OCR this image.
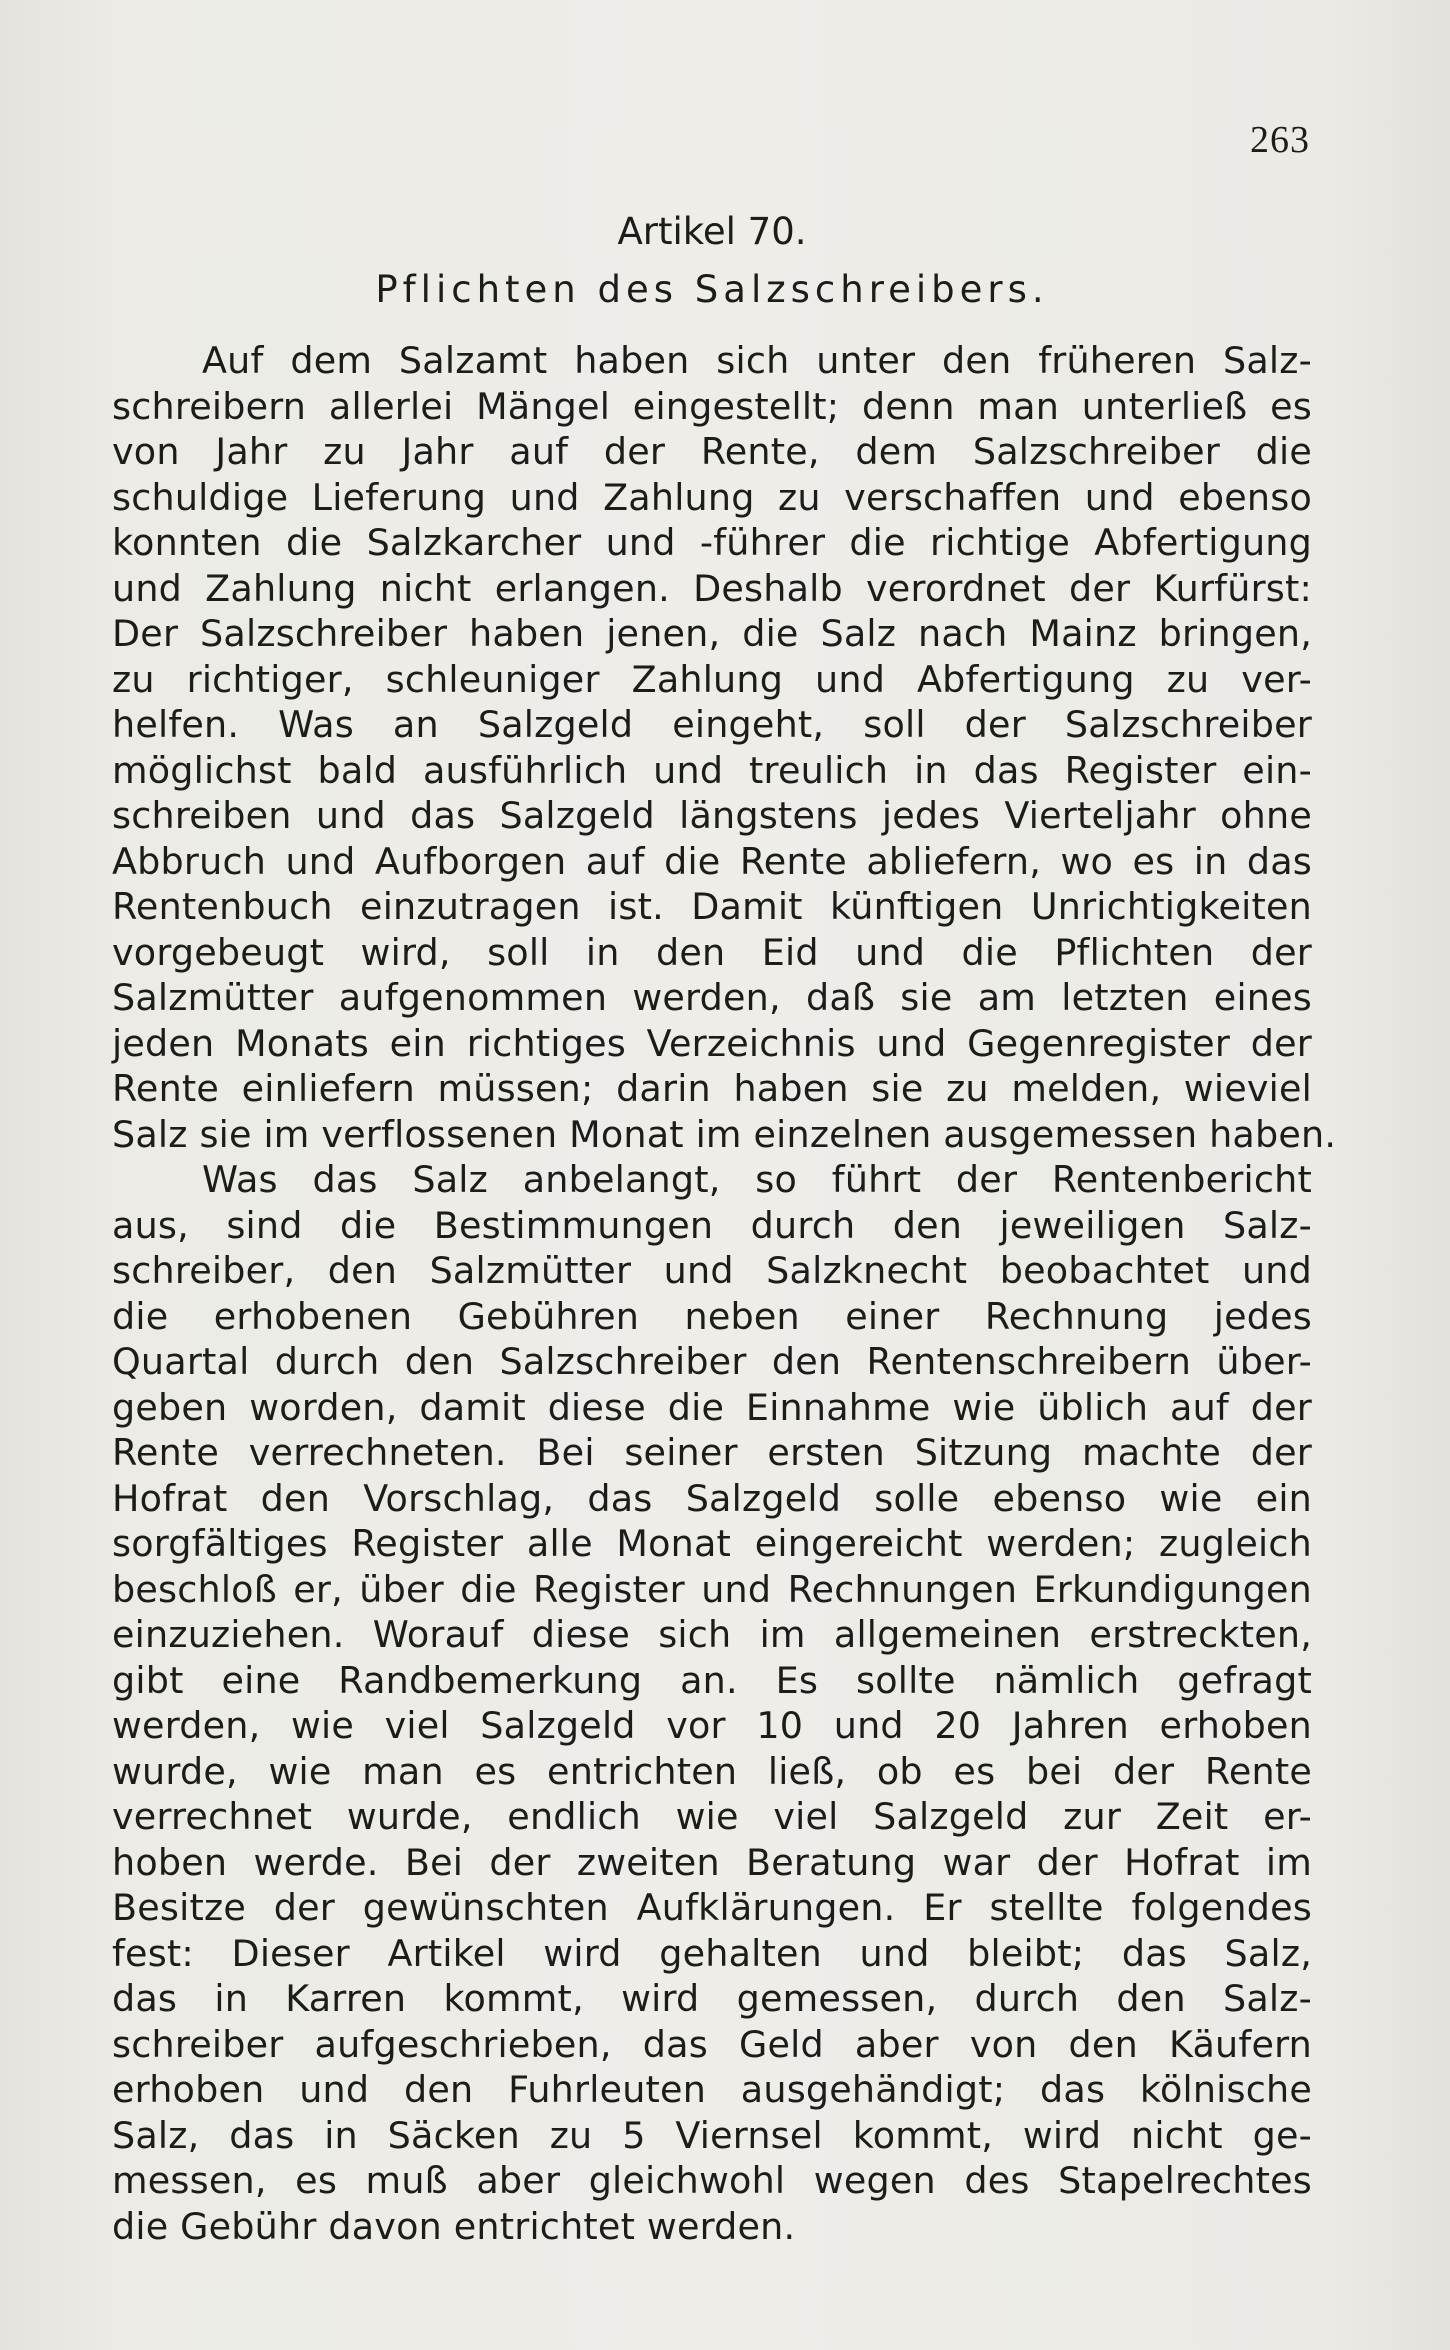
263
Artikel 70.
Pflichten des Salzschreibers.
Auf dem Salzamt haben sich unter den früheren Salz-
schreibern allerlei Mängel eingestellt; denn man unterließ es
von Jahr zu Jahr auf der Rente, dem Salzschreiber die
schuldige Lieferung und Zahlung zu verschaffen und ebenso
konnten die Salzkarcher und -führer die richtige Abfertigung
und Zahlung nicht erlangen. Deshalb verordnet der Kurfürst:
Der Salzschreiber haben jenen, die Salz nach Mainz bringen,
zu richtiger, schleuniger Zahlung und Abfertigung zu ver-
helfen. Was an Salzgeld eingeht, soll der Salzschreiber
möglichst bald ausführlich und treulich in das Register ein-
schreiben und das Salzgeld längstens jedes Vierteljahr ohne
Abbruch und Aufborgen auf die Rente abliefern, wo es in das
Rentenbuch einzutragen ist. Damit künftigen Unrichtigkeiten
vorgebeugt wird, soll in den Eid und die Pflichten der
Salzmütter aufgenommen werden, daß sie am letzten eines
jeden Monats ein richtiges Verzeichnis und Gegenregister der
Rente einliefern müssen; darin haben sie zu melden, wieviel
Salz sie im verflossenen Monat im einzelnen ausgemessen haben.
Was das Salz anbelangt, so führt der Rentenbericht
aus, sind die Bestimmungen durch den jeweiligen Salz-
schreiber, den Salzmütter und Salzknecht beobachtet und
die erhobenen Gebühren neben einer Rechnung jedes
Quartal durch den Salzschreiber den Rentenschreibern über-
geben worden, damit diese die Einnahme wie üblich auf der
Rente verrechneten. Bei seiner ersten Sitzung machte der
Hofrat den Vorschlag, das Salzgeld solle ebenso wie ein
sorgfältiges Register alle Monat eingereicht werden; zugleich
beschloß er, über die Register und Rechnungen Erkundigungen
einzuziehen. Worauf diese sich im allgemeinen erstreckten,
gibt eine Randbemerkung an. Es sollte nämlich gefragt
werden, wie viel Salzgeld vor 10 und 20 Jahren erhoben
wurde, wie man es entrichten ließ, ob es bei der Rente
verrechnet wurde, endlich wie viel Salzgeld zur Zeit er-
hoben werde. Bei der zweiten Beratung war der Hofrat im
Besitze der gewünschten Aufklärungen. Er stellte folgendes
fest: Dieser Artikel wird gehalten und bleibt; das Salz,
das in Karren kommt, wird gemessen, durch den Salz-
schreiber aufgeschrieben, das Geld aber von den Käufern
erhoben und den Fuhrleuten ausgehändigt; das kölnische
Salz, das in Säcken zu 5 Viernsel kommt, wird nicht ge-
messen, es muß aber gleichwohl wegen des Stapelrechtes
die Gebühr davon entrichtet werden.
